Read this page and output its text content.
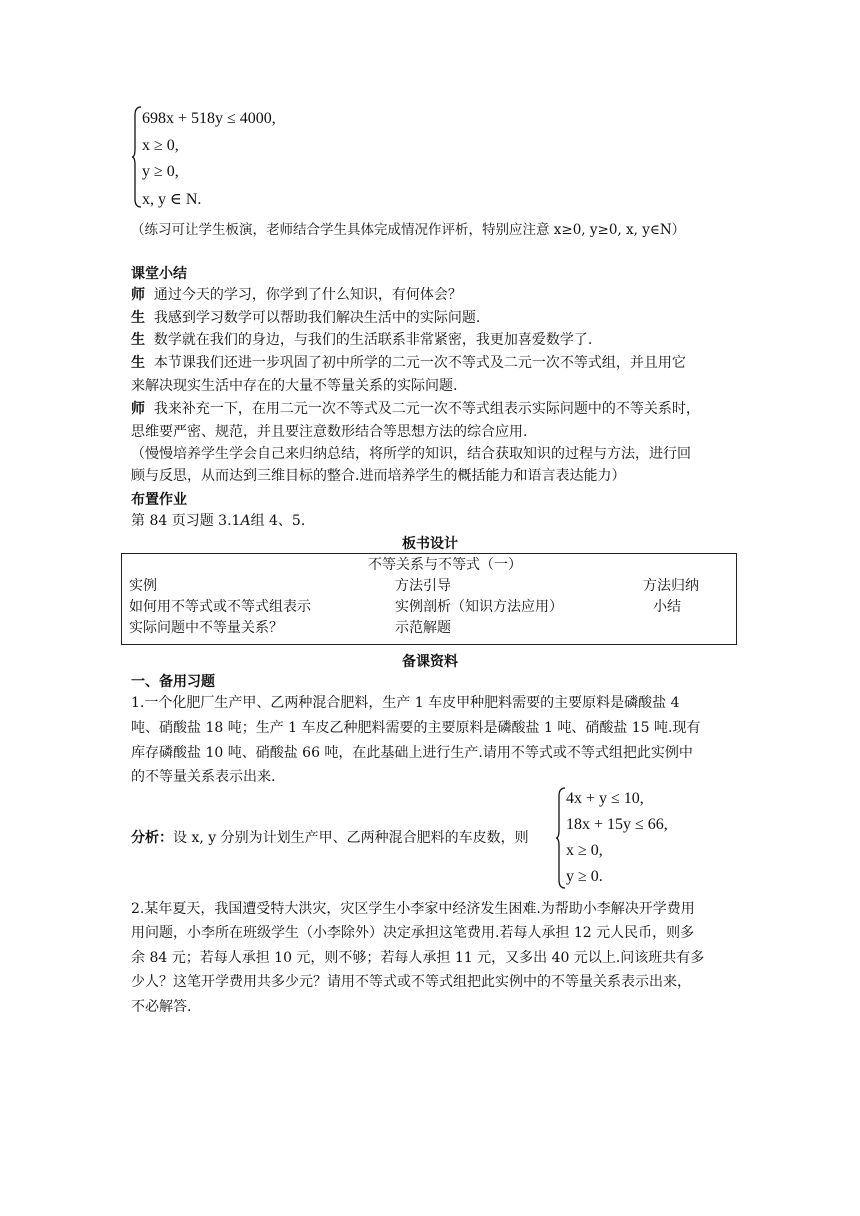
698x + 518y ≤ 4000,
x ≥ 0,
y ≥ 0,
x, y ∈ N.
（练习可让学生板演，老师结合学生具体完成情况作评析，特别应注意 x≥0, y≥0, x, y∈N）
课堂小结
师 通过今天的学习，你学到了什么知识，有何体会？
生 我感到学习数学可以帮助我们解决生活中的实际问题.
生 数学就在我们的身边，与我们的生活联系非常紧密，我更加喜爱数学了.
生 本节课我们还进一步巩固了初中所学的二元一次不等式及二元一次不等式组，并且用它
来解决现实生活中存在的大量不等量关系的实际问题.
师 我来补充一下，在用二元一次不等式及二元一次不等式组表示实际问题中的不等关系时，
思维要严密、规范，并且要注意数形结合等思想方法的综合应用.
（慢慢培养学生学会自己来归纳总结，将所学的知识，结合获取知识的过程与方法，进行回
顾与反思，从而达到三维目标的整合.进而培养学生的概括能力和语言表达能力）
布置作业
第 84 页习题 3.1A组 4、5.
板书设计
不等关系与不等式（一）		
实例	方法引导	方法归纳
如何用不等式或不等式组表示	实例剖析（知识方法应用）	小结
实际问题中不等量关系？	示范解题	
备课资料
一、备用习题
1.一个化肥厂生产甲、乙两种混合肥料，生产 1 车皮甲种肥料需要的主要原料是磷酸盐 4
吨、硝酸盐 18 吨；生产 1 车皮乙种肥料需要的主要原料是磷酸盐 1 吨、硝酸盐 15 吨.现有
库存磷酸盐 10 吨、硝酸盐 66 吨，在此基础上进行生产.请用不等式或不等式组把此实例中
的不等量关系表示出来.
分析：设 x, y 分别为计划生产甲、乙两种混合肥料的车皮数，则
4x + y ≤ 10,
18x + 15y ≤ 66,
x ≥ 0,
y ≥ 0.
2.某年夏天，我国遭受特大洪灾，灾区学生小李家中经济发生困难.为帮助小李解决开学费用
用问题，小李所在班级学生（小李除外）决定承担这笔费用.若每人承担 12 元人民币，则多
余 84 元；若每人承担 10 元，则不够；若每人承担 11 元，又多出 40 元以上.问该班共有多
少人？这笔开学费用共多少元？请用不等式或不等式组把此实例中的不等量关系表示出来，
不必解答.
